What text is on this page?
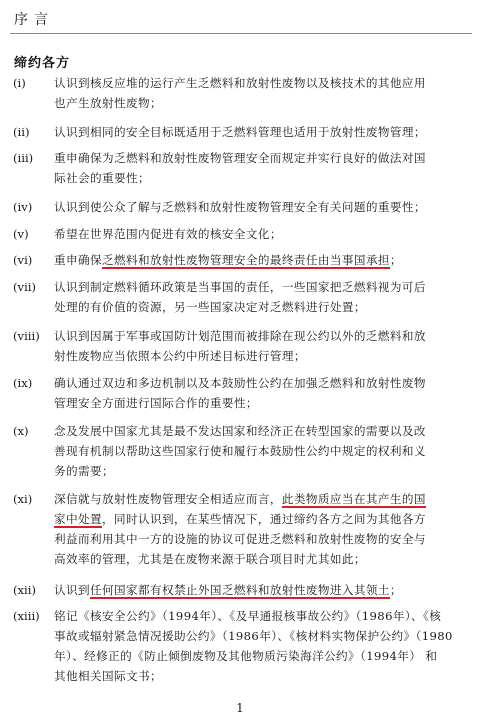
序言
缔约各方
(i) 认识到核反应堆的运行产生乏燃料和放射性废物以及核技术的其他应用
也产生放射性废物；
(ii) 认识到相同的安全目标既适用于乏燃料管理也适用于放射性废物管理；
(iii) 重申确保为乏燃料和放射性废物管理安全而规定并实行良好的做法对国
际社会的重要性；
(iv) 认识到使公众了解与乏燃料和放射性废物管理安全有关问题的重要性；
(v) 希望在世界范围内促进有效的核安全文化；
(vi) 重申确保乏燃料和放射性废物管理安全的最终责任由当事国承担；
(vii) 认识到制定燃料循环政策是当事国的责任，一些国家把乏燃料视为可后
处理的有价值的资源，另一些国家决定对乏燃料进行处置；
(viii) 认识到因属于军事或国防计划范围而被排除在现公约以外的乏燃料和放
射性废物应当依照本公约中所述目标进行管理；
(ix) 确认通过双边和多边机制以及本鼓励性公约在加强乏燃料和放射性废物
管理安全方面进行国际合作的重要性；
(x) 念及发展中国家尤其是最不发达国家和经济正在转型国家的需要以及改
善现有机制以帮助这些国家行使和履行本鼓励性公约中规定的权利和义
务的需要；
(xi) 深信就与放射性废物管理安全相适应而言，此类物质应当在其产生的国
家中处置，同时认识到，在某些情况下，通过缔约各方之间为其他各方
利益而利用其中一方的设施的协议可促进乏燃料和放射性废物的安全与
高效率的管理，尤其是在废物来源于联合项目时尤其如此；
(xii) 认识到任何国家都有权禁止外国乏燃料和放射性废物进入其领土；
(xiii) 铭记《核安全公约》（1994年）、《及早通报核事故公约》（1986年）、《核
事故或辐射紧急情况援助公约》（1986年）、《核材料实物保护公约》（1980
年）、经修正的《防止倾倒废物及其他物质污染海洋公约》（1994年） 和
其他相关国际文书；
1
